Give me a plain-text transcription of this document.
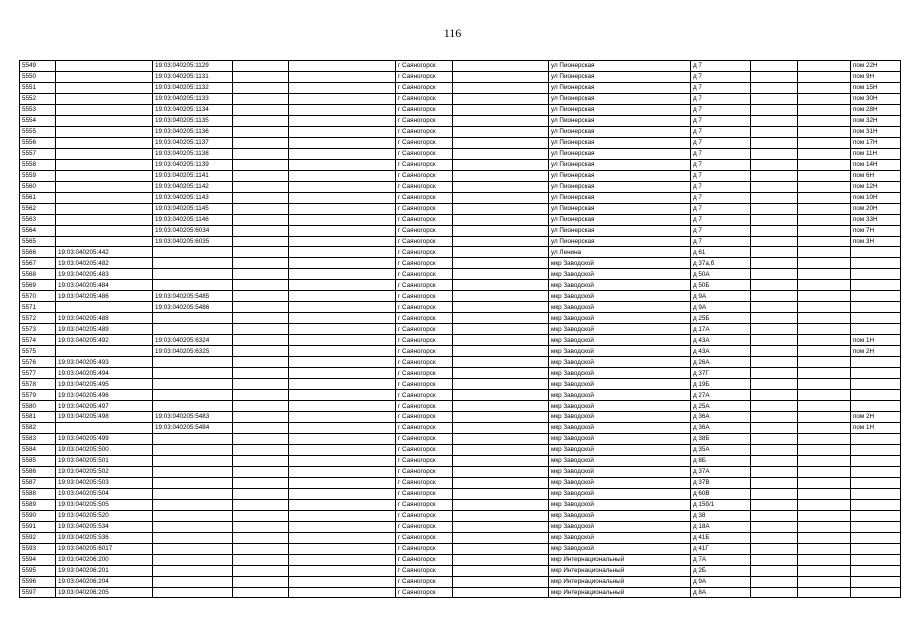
116
5549		19:03:040205:1129			г Саяногорск		ул Пионерская	д 7			пом 22Н
5550		19:03:040205:1131			г Саяногорск		ул Пионерская	д 7			пом 9Н
5551		19:03:040205:1132			г Саяногорск		ул Пионерская	д 7			пом 15Н
5552		19:03:040205:1133			г Саяногорск		ул Пионерская	д 7			пом 30Н
5553		19:03:040205:1134			г Саяногорск		ул Пионерская	д 7			пом 28Н
5554		19:03:040205:1135			г Саяногорск		ул Пионерская	д 7			пом 32Н
5555		19:03:040205:1136			г Саяногорск		ул Пионерская	д 7			пом 31Н
5556		19:03:040205:1137			г Саяногорск		ул Пионерская	д 7			пом 17Н
5557		19:03:040205:1138			г Саяногорск		ул Пионерская	д 7			пом 11Н
5558		19:03:040205:1139			г Саяногорск		ул Пионерская	д 7			пом 14Н
5559		19:03:040205:1141			г Саяногорск		ул Пионерская	д 7			пом 6Н
5560		19:03:040205:1142			г Саяногорск		ул Пионерская	д 7			пом 12Н
5561		19:03:040205:1143			г Саяногорск		ул Пионерская	д 7			пом 10Н
5562		19:03:040205:1145			г Саяногорск		ул Пионерская	д 7			пом 20Н
5563		19:03:040205:1146			г Саяногорск		ул Пионерская	д 7			пом 33Н
5564		19:03:040205:6034			г Саяногорск		ул Пионерская	д 7			пом 7Н
5565		19:03:040205:6035			г Саяногорск		ул Пионерская	д 7			пом 3Н
5566	19:03:040205:442				г Саяногорск		ул Ленина	д 61			
5567	19:03:040205:482				г Саяногорск		мкр Заводской	д 37а,б			
5568	19:03:040205:483				г Саяногорск		мкр Заводской	д 50А			
5569	19:03:040205:484				г Саяногорск		мкр Заводской	д 50Б			
5570	19:03:040205:486	19:03:040205:5485			г Саяногорск		мкр Заводской	д 9А			
5571		19:03:040205:5486			г Саяногорск		мкр Заводской	д 9А			
5572	19:03:040205:488				г Саяногорск		мкр Заводской	д 25Б			
5573	19:03:040205:489				г Саяногорск		мкр Заводской	д 17А			
5574	19:03:040205:492	19:03:040205:6324			г Саяногорск		мкр Заводской	д 43А			пом 1Н
5575		19:03:040205:6325			г Саяногорск		мкр Заводской	д 43А			пом 2Н
5576	19:03:040205:493				г Саяногорск		мкр Заводской	д 26А			
5577	19:03:040205:494				г Саяногорск		мкр Заводской	д 37Г			
5578	19:03:040205:495				г Саяногорск		мкр Заводской	д 19Б			
5579	19:03:040205:496				г Саяногорск		мкр Заводской	д 27А			
5580	19:03:040205:497				г Саяногорск		мкр Заводской	д 25А			
5581	19:03:040205:498	19:03:040205:5483			г Саяногорск		мкр Заводской	д 36А			пом 2Н
5582		19:03:040205:5484			г Саяногорск		мкр Заводской	д 36А			пом 1Н
5583	19:03:040205:499				г Саяногорск		мкр Заводской	д 38Б			
5584	19:03:040205:500				г Саяногорск		мкр Заводской	д 35А			
5585	19:03:040205:501				г Саяногорск		мкр Заводской	д 8Б			
5586	19:03:040205:502				г Саяногорск		мкр Заводской	д 37А			
5587	19:03:040205:503				г Саяногорск		мкр Заводской	д 37В			
5588	19:03:040205:504				г Саяногорск		мкр Заводской	д 60В			
5589	19:03:040205:505				г Саяногорск		мкр Заводской	д 15б/1			
5590	19:03:040205:520				г Саяногорск		мкр Заводской	д 38			
5591	19:03:040205:534				г Саяногорск		мкр Заводской	д 18А			
5592	19:03:040205:536				г Саяногорск		мкр Заводской	д 41Б			
5593	19:03:040205:6017				г Саяногорск		мкр Заводской	д 41Г			
5594	19:03:040206:200				г Саяногорск		мкр Интернациональный	д 7А			
5595	19:03:040206:201				г Саяногорск		мкр Интернациональный	д 2Б			
5596	19:03:040206:204				г Саяногорск		мкр Интернациональный	д 9А			
5597	19:03:040206:205				г Саяногорск		мкр Интернациональный	д 8А			
